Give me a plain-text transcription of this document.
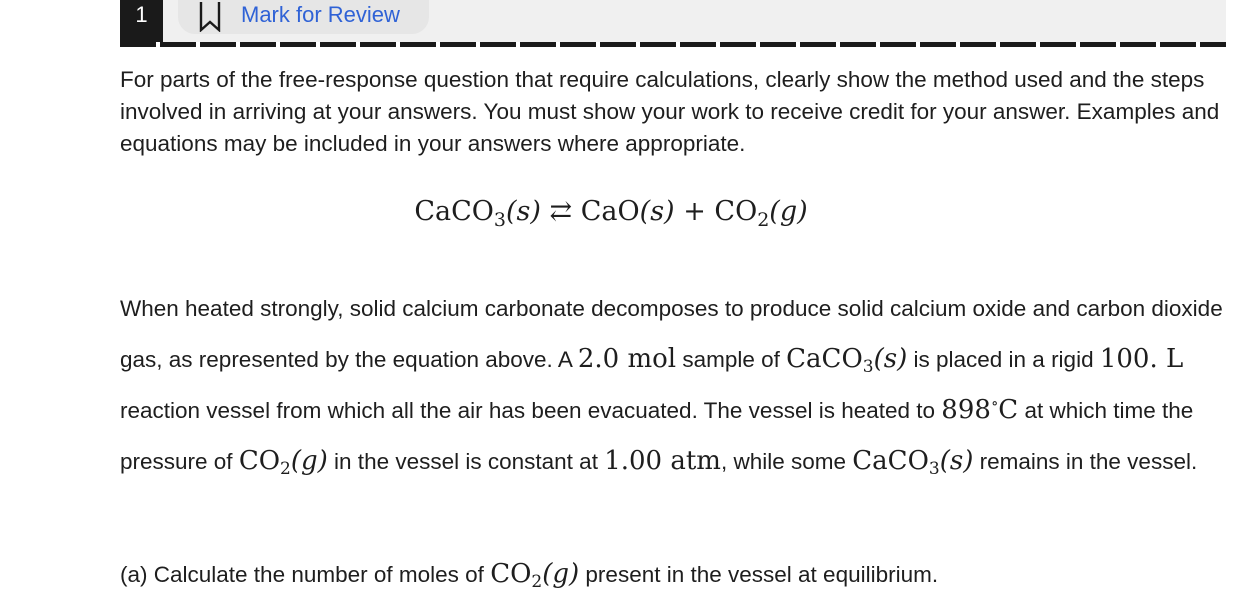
1	Mark for Review

For parts of the free-response question that require calculations, clearly show the method used and the steps involved in arriving at your answers. You must show your work to receive credit for your answer. Examples and equations may be included in your answers where appropriate.

CaCO$_3$(s) ⇄ $CaO(s) + CO_2(g)$

When heated strongly, solid calcium carbonate decomposes to produce solid calcium oxide and carbon dioxide gas, as represented by the equation above. A 2.0 mol sample of CaCO$_3$(s) is placed in a rigid 100. L reaction vessel from which all the air has been evacuated. The vessel is heated to 898∘C at which time the pressure of $CO_2(g)$ in the vessel is constant at 1.00 atm, while some CaCO$_3$(s) remains in the vessel.

(a) Calculate the number of moles of $CO_2(g)$ present in the vessel at equilibrium.
